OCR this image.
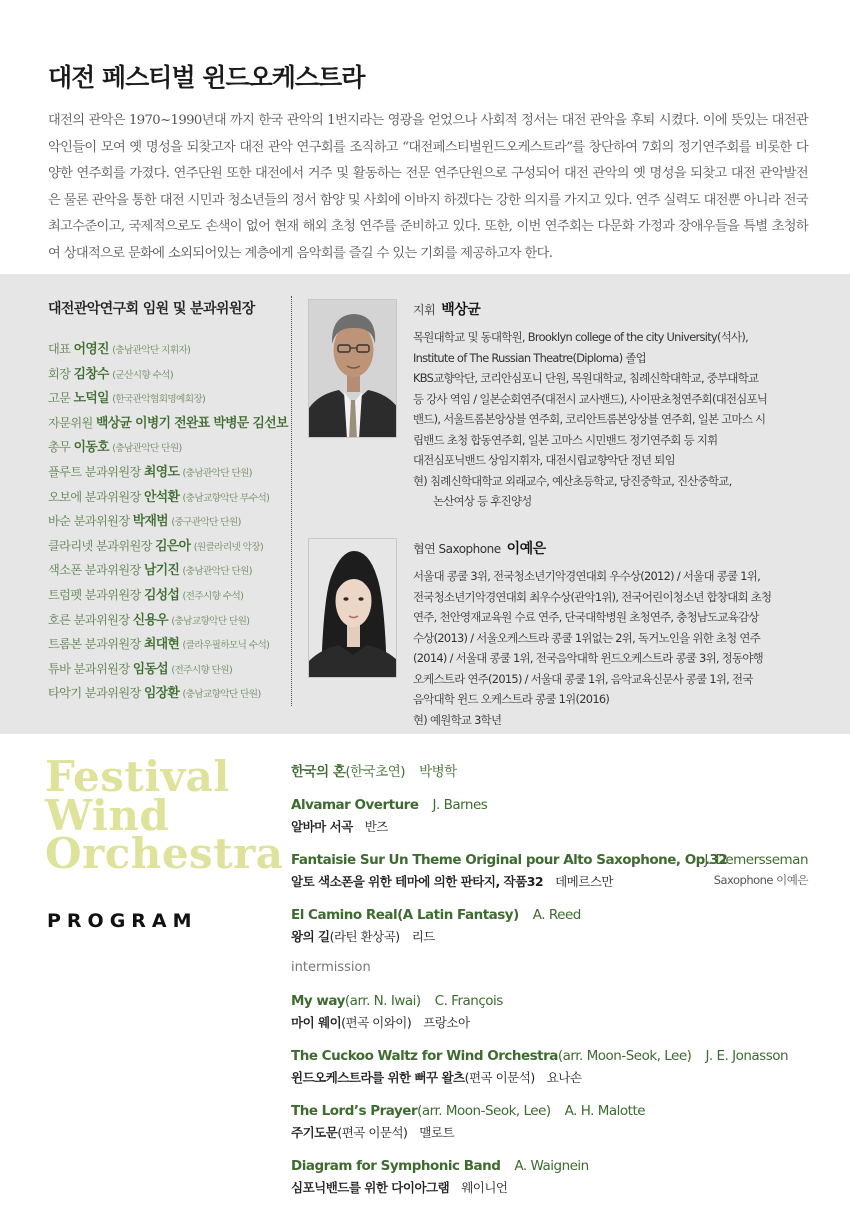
대전 페스티벌 윈드오케스트라

대전의 관악은 1970~1990년대 까지 한국 관악의 1번지라는 영광을 얻었으나 사회적 정서는 대전 관악을 후퇴 시켰다. 이에 뜻있는 대전관악인들이 모여 옛 명성을 되찾고자 대전 관악 연구회를 조직하고 “대전페스티벌윈드오케스트라”를 창단하여 7회의 정기연주회를 비롯한 다양한 연주회를 가졌다. 연주단원 또한 대전에서 거주 및 활동하는 전문 연주단원으로 구성되어 대전 관악의 옛 명성을 되찾고 대전 관악발전은 물론 관악을 통한 대전 시민과 청소년들의 정서 함양 및 사회에 이바지 하겠다는 강한 의지를 가지고 있다. 연주 실력도 대전뿐 아니라 전국 최고수준이고, 국제적으로도 손색이 없어 현재 해외 초청 연주를 준비하고 있다. 또한, 이번 연주회는 다문화 가정과 장애우들을 특별 초청하여 상대적으로 문화에 소외되어있는 계층에게 음악회를 즐길 수 있는 기회를 제공하고자 한다.

대전관악연구회 임원 및 분과위원장
대표 어영진 (충남관악단 지휘자)
회장 김창수 (군산시향 수석)
고문 노덕일 (한국관악협회명예회장)
자문위원 백상균 이병기 전완표 박병문 김선보
총무 이동호 (충남관악단 단원)
플루트 분과위원장 최영도 (충남관악단 단원)
오보에 분과위원장 안석환 (충남교향악단 부수석)
바순 분과위원장 박재범 (중구관악단 단원)
클라리넷 분과위원장 김은아 (원클라리넷 악장)
색소폰 분과위원장 남기진 (충남관악단 단원)
트럼펫 분과위원장 김성섭 (전주시향 수석)
호른 분과위원장 신용우 (충남교향악단 단원)
트롬본 분과위원장 최대현 (클라우필하모닉 수석)
튜바 분과위원장 임동섭 (전주시향 단원)
타악기 분과위원장 임장환 (충남교향악단 단원)
지휘 백상균
목원대학교 및 동대학원, Brooklyn college of the city University(석사),
Institute of The Russian Theatre(Diploma) 졸업
KBS교향악단, 코리안심포니 단원, 목원대학교, 침례신학대학교, 중부대학교
등 강사 역임 / 일본순회연주(대전시 교사밴드), 사이판초청연주회(대전심포닉
밴드), 서울트롬본앙상블 연주회, 코리안트롬본앙상블 연주회, 일본 고마스 시
립밴드 초청 합동연주회, 일본 고마스 시민밴드 정기연주회 등 지휘
대전심포닉밴드 상임지휘자, 대전시립교향악단 정년 퇴임
현) 침례신학대학교 외래교수, 예산초등학교, 당진중학교, 진산중학교,
논산여상 등 후진양성
협연 Saxophone 이예은
서울대 콩쿨 3위, 전국청소년기악경연대회 우수상(2012) / 서울대 콩쿨 1위,
전국청소년기악경연대회 최우수상(관악1위), 전국어린이청소년 합창대회 초청
연주, 천안영재교육원 수료 연주, 단국대학병원 초청연주, 충청남도교육감상
수상(2013) / 서울오케스트라 콩쿨 1위없는 2위, 독거노인을 위한 초청 연주
(2014) / 서울대 콩쿨 1위, 전국음악대학 윈드오케스트라 콩쿨 3위, 정동야행
오케스트라 연주(2015) / 서울대 콩쿨 1위, 음악교육신문사 콩쿨 1위, 전국
음악대학 윈드 오케스트라 콩쿨 1위(2016)
현) 예원학교 3학년
Festival
Wind
Orchestra
PROGRAM
한국의 혼(한국초연) 박병학
Alvamar Overture J. Barnes
알바마 서곡 반즈
Fantaisie Sur Un Theme Original pour Alto Saxophone, Op.32
J. Demersseman
알토 색소폰을 위한 테마에 의한 판타지, 작품32 데메르스만	Saxophone 이예은
El Camino Real(A Latin Fantasy) A. Reed
왕의 길(라틴 환상곡) 리드
intermission
My way(arr. N. Iwai) C. François
마이 웨이(편곡 이와이) 프랑소아
The Cuckoo Waltz for Wind Orchestra(arr. Moon-Seok, Lee) J. E. Jonasson
윈드오케스트라를 위한 뻐꾸 왈츠(편곡 이문석) 요나손
The Lord’s Prayer(arr. Moon-Seok, Lee) A. H. Malotte
주기도문(편곡 이문석) 맬로트
Diagram for Symphonic Band A. Waignein
심포닉밴드를 위한 다이아그램 웨이니언
